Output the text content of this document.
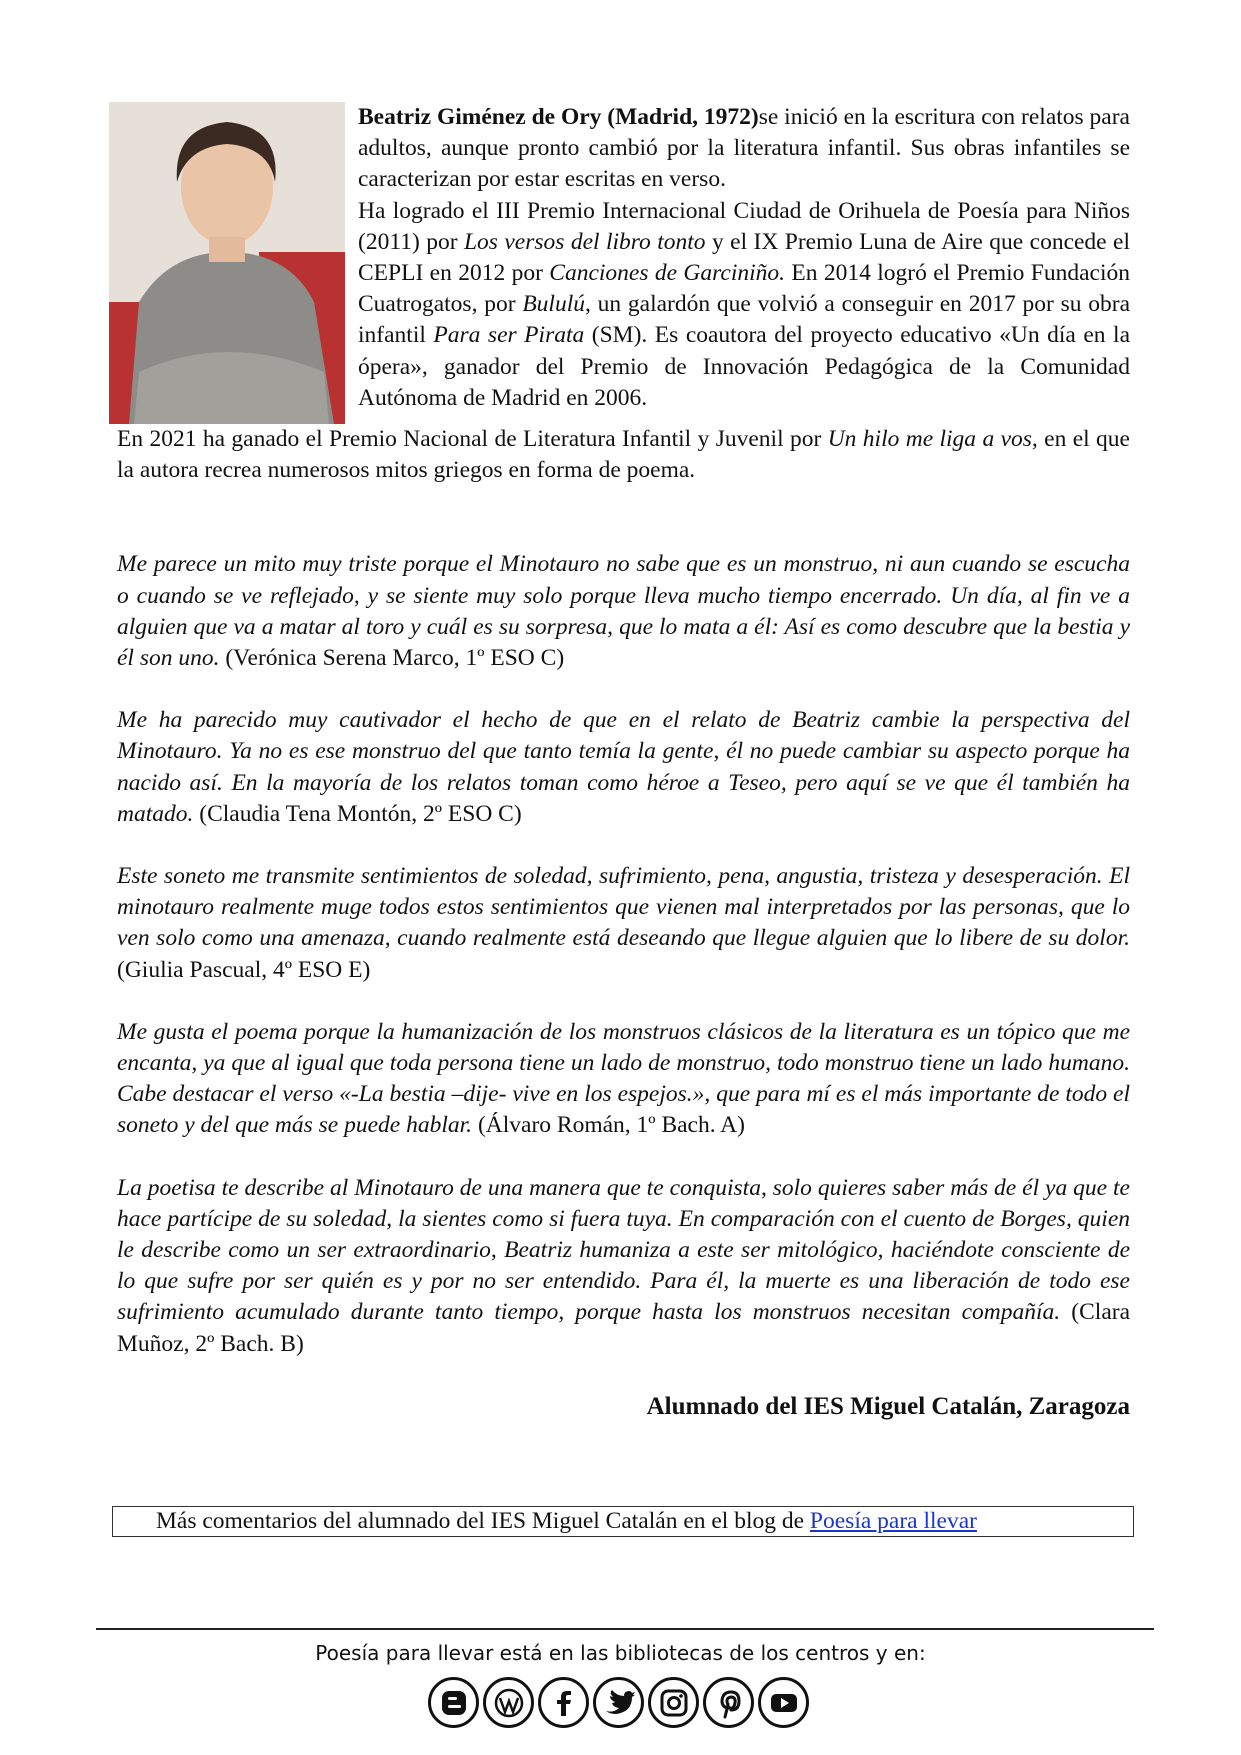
Beatriz Giménez de Ory (Madrid, 1972)se inició en la escritura con relatos para adultos, aunque pronto cambió por la literatura infantil. Sus obras infantiles se caracterizan por estar escritas en verso.

Ha logrado el III Premio Internacional Ciudad de Orihuela de Poesía para Niños (2011) por Los versos del libro tonto y el IX Premio Luna de Aire que concede el CEPLI en 2012 por Canciones de Garciniño. En 2014 logró el Premio Fundación Cuatrogatos, por Bululú, un galardón que volvió a conseguir en 2017 por su obra infantil Para ser Pirata (SM). Es coautora del proyecto educativo «Un día en la ópera», ganador del Premio de Innovación Pedagógica de la Comunidad Autónoma de Madrid en 2006.

En 2021 ha ganado el Premio Nacional de Literatura Infantil y Juvenil por Un hilo me liga a vos, en el que la autora recrea numerosos mitos griegos en forma de poema.

Me parece un mito muy triste porque el Minotauro no sabe que es un monstruo, ni aun cuando se escucha o cuando se ve reflejado, y se siente muy solo porque lleva mucho tiempo encerrado. Un día, al fin ve a alguien que va a matar al toro y cuál es su sorpresa, que lo mata a él: Así es como descubre que la bestia y él son uno. (Verónica Serena Marco, 1º ESO C)

Me ha parecido muy cautivador el hecho de que en el relato de Beatriz cambie la perspectiva del Minotauro. Ya no es ese monstruo del que tanto temía la gente, él no puede cambiar su aspecto porque ha nacido así. En la mayoría de los relatos toman como héroe a Teseo, pero aquí se ve que él también ha matado. (Claudia Tena Montón, 2º ESO C)

Este soneto me transmite sentimientos de soledad, sufrimiento, pena, angustia, tristeza y desesperación. El minotauro realmente muge todos estos sentimientos que vienen mal interpretados por las personas, que lo ven solo como una amenaza, cuando realmente está deseando que llegue alguien que lo libere de su dolor. (Giulia Pascual, 4º ESO E)

Me gusta el poema porque la humanización de los monstruos clásicos de la literatura es un tópico que me encanta, ya que al igual que toda persona tiene un lado de monstruo, todo monstruo tiene un lado humano. Cabe destacar el verso «-La bestia –dije- vive en los espejos.», que para mí es el más importante de todo el soneto y del que más se puede hablar. (Álvaro Román, 1º Bach. A)

La poetisa te describe al Minotauro de una manera que te conquista, solo quieres saber más de él ya que te hace partícipe de su soledad, la sientes como si fuera tuya. En comparación con el cuento de Borges, quien le describe como un ser extraordinario, Beatriz humaniza a este ser mitológico, haciéndote consciente de lo que sufre por ser quién es y por no ser entendido. Para él, la muerte es una liberación de todo ese sufrimiento acumulado durante tanto tiempo, porque hasta los monstruos necesitan compañía. (Clara Muñoz, 2º Bach. B)

Alumnado del IES Miguel Catalán, Zaragoza
Más comentarios del alumnado del IES Miguel Catalán en el blog de Poesía para llevar
Poesía para llevar está en las bibliotecas de los centros y en:
